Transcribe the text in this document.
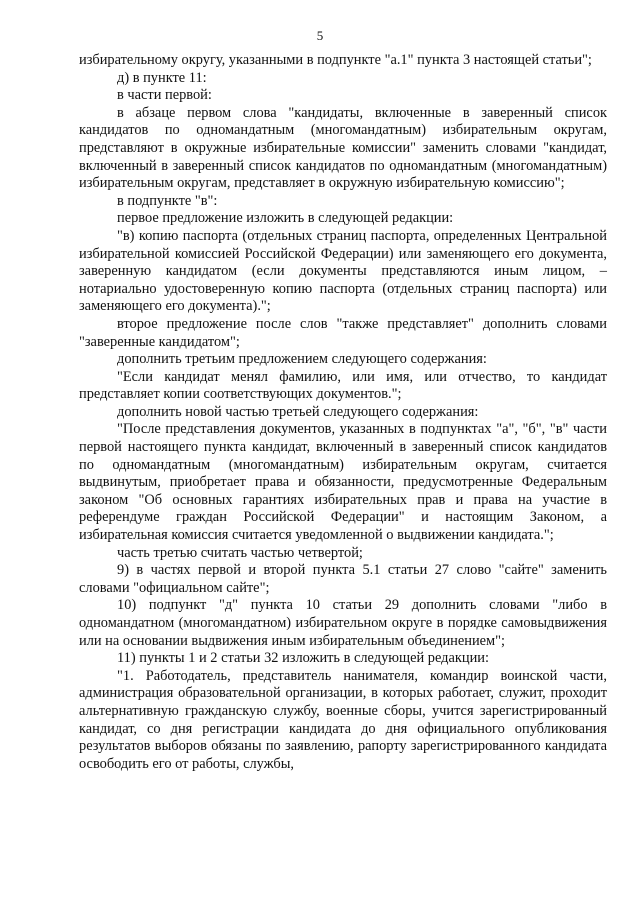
5

избирательному округу, указанными в подпункте "а.1" пункта 3 настоящей статьи";

д) в пункте 11:

в части первой:

в абзаце первом слова "кандидаты, включенные в заверенный список кандидатов по одномандатным (многомандатным) избирательным округам, представляют в окружные избирательные комиссии" заменить словами "кандидат, включенный в заверенный список кандидатов по одномандатным (многомандатным) избирательным округам, представляет в окружную избирательную комиссию";

в подпункте "в":

первое предложение изложить в следующей редакции:

"в) копию паспорта (отдельных страниц паспорта, определенных Центральной избирательной комиссией Российской Федерации) или заменяющего его документа, заверенную кандидатом (если документы представляются иным лицом, – нотариально удостоверенную копию паспорта (отдельных страниц паспорта) или заменяющего его документа).";

второе предложение после слов "также представляет" дополнить словами "заверенные кандидатом";

дополнить третьим предложением следующего содержания:

"Если кандидат менял фамилию, или имя, или отчество, то кандидат представляет копии соответствующих документов.";

дополнить новой частью третьей следующего содержания:

"После представления документов, указанных в подпунктах "а", "б", "в" части первой настоящего пункта кандидат, включенный в заверенный список кандидатов по одномандатным (многомандатным) избирательным округам, считается выдвинутым, приобретает права и обязанности, предусмотренные Федеральным законом "Об основных гарантиях избирательных прав и права на участие в референдуме граждан Российской Федерации" и настоящим Законом, а избирательная комиссия считается уведомленной о выдвижении кандидата.";

часть третью считать частью четвертой;

9) в частях первой и второй пункта 5.1 статьи 27 слово "сайте" заменить словами "официальном сайте";

10) подпункт "д" пункта 10 статьи 29 дополнить словами "либо в одномандатном (многомандатном) избирательном округе в порядке самовыдвижения или на основании выдвижения иным избирательным объединением";

11) пункты 1 и 2 статьи 32 изложить в следующей редакции:

"1. Работодатель, представитель нанимателя, командир воинской части, администрация образовательной организации, в которых работает, служит, проходит альтернативную гражданскую службу, военные сборы, учится зарегистрированный кандидат, со дня регистрации кандидата до дня официального опубликования результатов выборов обязаны по заявлению, рапорту зарегистрированного кандидата освободить его от работы, службы,
